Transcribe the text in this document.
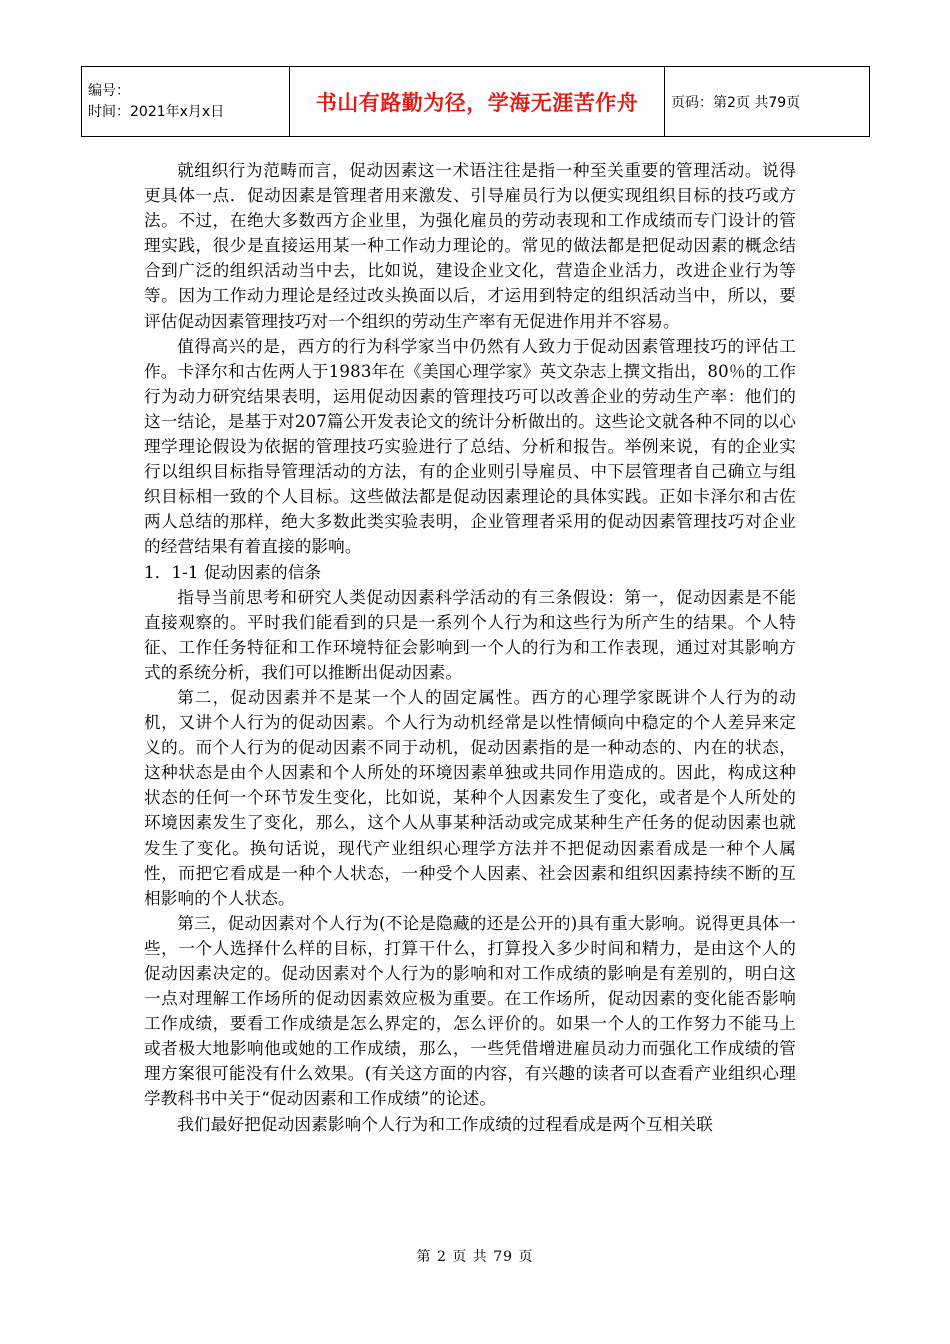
编号：
时间：2021年x月x日	书山有路勤为径，学海无涯苦作舟	页码：第2页 共79页

就组织行为范畴而言，促动因素这一术语注往是指一种至关重要的管理活动。说得更具体一点．促动因素是管理者用来激发、引导雇员行为以便实现组织目标的技巧或方法。不过，在绝大多数西方企业里，为强化雇员的劳动表现和工作成绩而专门设计的管理实践，很少是直接运用某一种工作动力理论的。常见的做法都是把促动因素的概念结合到广泛的组织活动当中去，比如说，建设企业文化，营造企业活力，改进企业行为等等。因为工作动力理论是经过改头换面以后，才运用到特定的组织活动当中，所以，要评估促动因素管理技巧对一个组织的劳动生产率有无促进作用并不容易。

值得高兴的是，西方的行为科学家当中仍然有人致力于促动因素管理技巧的评估工作。卡泽尔和古佐两人于1983年在《美国心理学家》英文杂志上撰文指出，80％的工作行为动力研究结果表明，运用促动因素的管理技巧可以改善企业的劳动生产率：他们的这一结论，是基于对207篇公开发表论文的统计分析做出的。这些论文就各种不同的以心理学理论假设为依据的管理技巧实验进行了总结、分析和报告。举例来说，有的企业实行以组织目标指导管理活动的方法，有的企业则引导雇员、中下层管理者自己确立与组织目标相一致的个人目标。这些做法都是促动因素理论的具体实践。正如卡泽尔和古佐两人总结的那样，绝大多数此类实验表明，企业管理者采用的促动因素管理技巧对企业的经营结果有着直接的影响。

1．1-1 促动因素的信条

指导当前思考和研究人类促动因素科学活动的有三条假设：第一，促动因素是不能直接观察的。平时我们能看到的只是一系列个人行为和这些行为所产生的结果。个人特征、工作任务特征和工作环境特征会影响到一个人的行为和工作表现，通过对其影响方式的系统分析，我们可以推断出促动因素。

第二，促动因素并不是某一个人的固定属性。西方的心理学家既讲个人行为的动机，又讲个人行为的促动因素。个人行为动机经常是以性情倾向中稳定的个人差异来定义的。而个人行为的促动因素不同于动机，促动因素指的是一种动态的、内在的状态，这种状态是由个人因素和个人所处的环境因素单独或共同作用造成的。因此，构成这种状态的任何一个环节发生变化，比如说，某种个人因素发生了变化，或者是个人所处的环境因素发生了变化，那么，这个人从事某种活动或完成某种生产任务的促动因素也就发生了变化。换句话说，现代产业组织心理学方法并不把促动因素看成是一种个人属性，而把它看成是一种个人状态，一种受个人因素、社会因素和组织因素持续不断的互相影响的个人状态。

第三，促动因素对个人行为(不论是隐藏的还是公开的)具有重大影响。说得更具体一些，一个人选择什么样的目标，打算干什么，打算投入多少时间和精力，是由这个人的促动因素决定的。促动因素对个人行为的影响和对工作成绩的影响是有差别的，明白这一点对理解工作场所的促动因素效应极为重要。在工作场所，促动因素的变化能否影响工作成绩，要看工作成绩是怎么界定的，怎么评价的。如果一个人的工作努力不能马上或者极大地影响他或她的工作成绩，那么，一些凭借增进雇员动力而强化工作成绩的管理方案很可能没有什么效果。(有关这方面的内容，有兴趣的读者可以查看产业组织心理学教科书中关于“促动因素和工作成绩”的论述。

我们最好把促动因素影响个人行为和工作成绩的过程看成是两个互相关联

第 2 页 共 79 页
